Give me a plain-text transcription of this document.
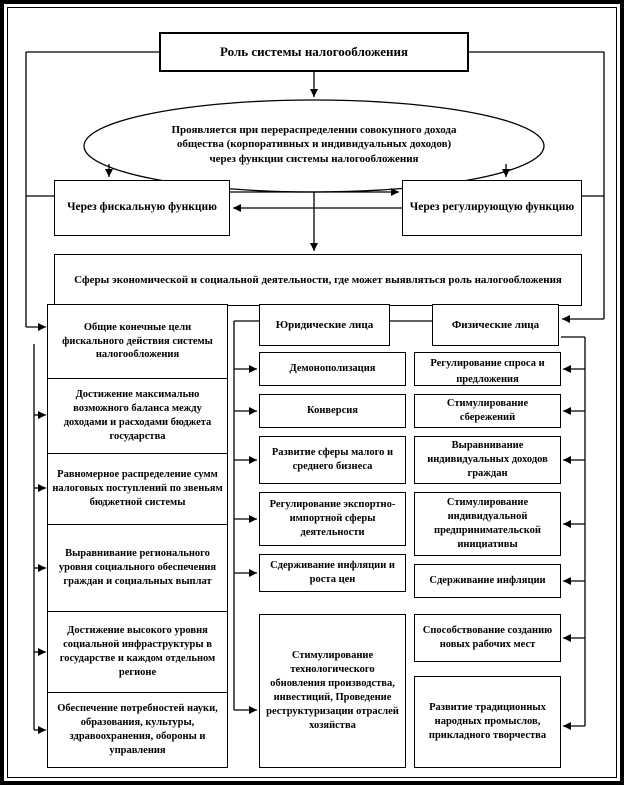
Роль системы налогообложения
Проявляется при перераспределении совокупного дохода общества (корпоративных и индивидуальных доходов) через функции системы налогообложения
Через фискальную функцию	Через регулирующую функцию
Сферы экономической и социальной деятельности, где может выявляться роль налогообложения
Общие конечные цели фискального действия системы налогообложения
Достижение максимально возможного баланса между доходами и расходами бюджета государства
Равномерное распределение сумм налоговых поступлений по звеньям бюджетной системы
Выравнивание регионального уровня социального обеспечения граждан и социальных выплат
Достижение высокого уровня социальной инфраструктуры в государстве и каждом отдельном регионе
Обеспечение потребностей науки, образования, культуры, здравоохранения, обороны и управления
Юридические лица
Демонополизация
Конверсия
Развитие сферы малого и среднего бизнеса
Регулирование экспортно-импортной сферы деятельности
Сдерживание инфляции и роста цен
Стимулирование технологического обновления производства, инвестиций, Проведение реструктуризации отраслей хозяйства
Физические лица
Регулирование спроса и предложения
Стимулирование сбережений
Выравнивание индивидуальных доходов граждан
Стимулирование индивидуальной предпринимательской инициативы
Сдерживание инфляции
Способствование созданию новых рабочих мест
Развитие традиционных народных промыслов, прикладного творчества
